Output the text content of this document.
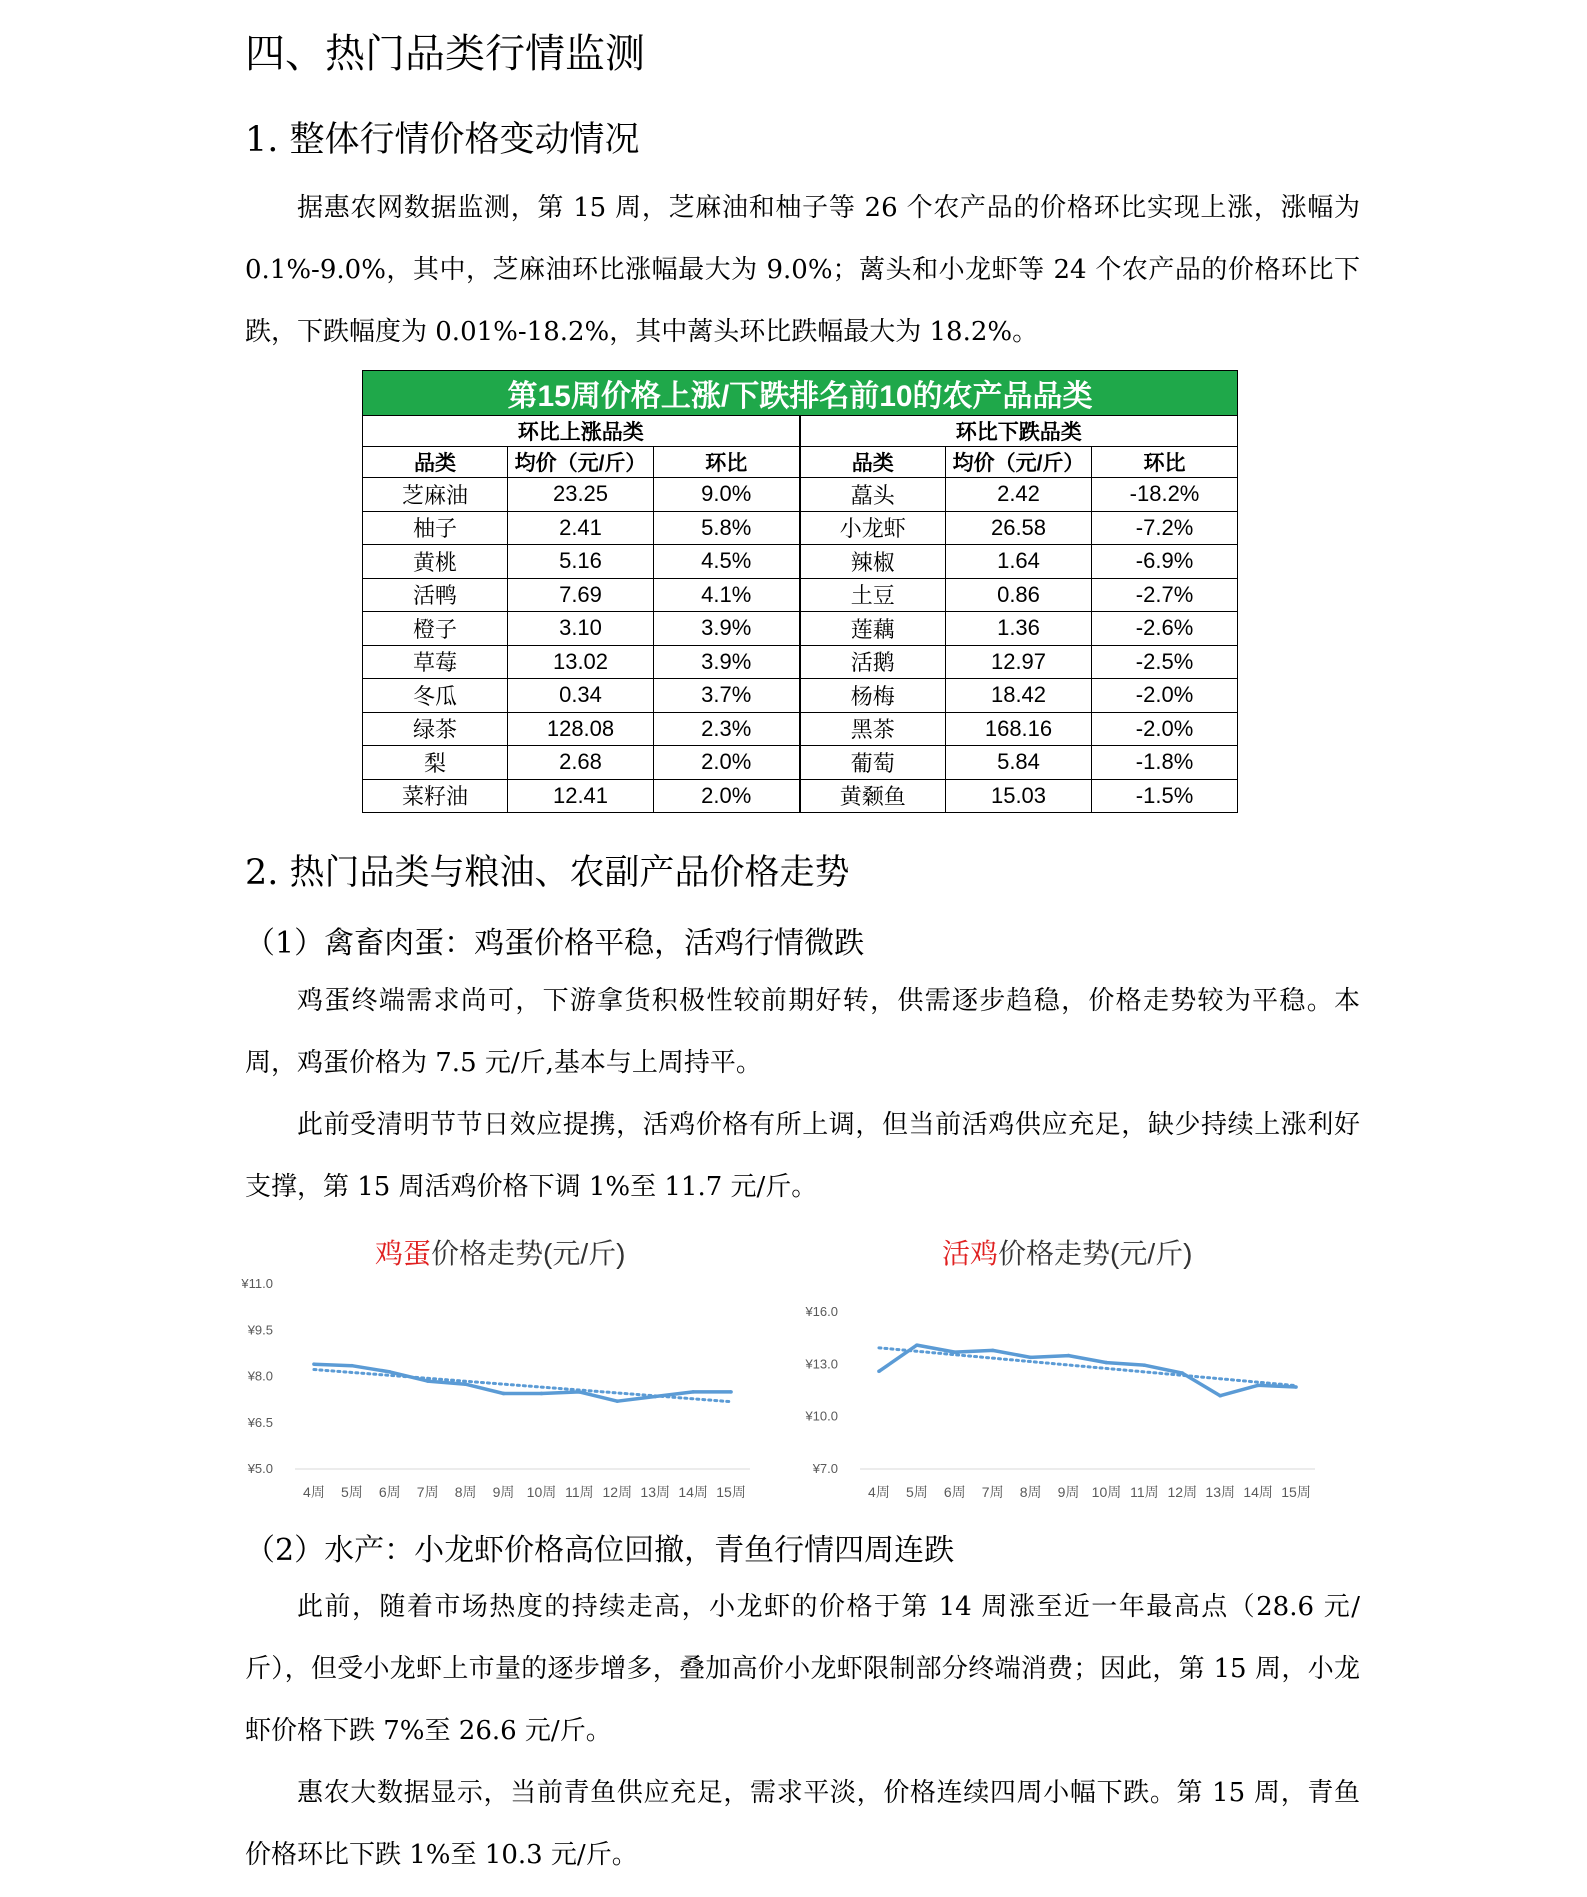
四、热门品类行情监测
1. 整体行情价格变动情况

据惠农网数据监测，第 15 周，芝麻油和柚子等 26 个农产品的价格环比实现上涨，涨幅为 0.1%-9.0%，其中，芝麻油环比涨幅最大为 9.0%；蓠头和小龙虾等 24 个农产品的价格环比下跌，下跌幅度为 0.01%-18.2%，其中蓠头环比跌幅最大为 18.2%。

第15周价格上涨/下跌排名前10的农产品品类					
环比上涨品类			环比下跌品类		
品类	均价（元/斤）	环比	品类	均价（元/斤）	环比
芝麻油	23.25	9.0%	藠头	2.42	-18.2%
柚子	2.41	5.8%	小龙虾	26.58	-7.2%
黄桃	5.16	4.5%	辣椒	1.64	-6.9%
活鸭	7.69	4.1%	土豆	0.86	-2.7%
橙子	3.10	3.9%	莲藕	1.36	-2.6%
草莓	13.02	3.9%	活鹅	12.97	-2.5%
冬瓜	0.34	3.7%	杨梅	18.42	-2.0%
绿茶	128.08	2.3%	黑茶	168.16	-2.0%
梨	2.68	2.0%	葡萄	5.84	-1.8%
菜籽油	12.41	2.0%	黄颡鱼	15.03	-1.5%
2. 热门品类与粮油、农副产品价格走势
（1）禽畜肉蛋：鸡蛋价格平稳，活鸡行情微跌

鸡蛋终端需求尚可，下游拿货积极性较前期好转，供需逐步趋稳，价格走势较为平稳。本周，鸡蛋价格为 7.5 元/斤,基本与上周持平。

此前受清明节节日效应提携，活鸡价格有所上调，但当前活鸡供应充足，缺少持续上涨利好支撑，第 15 周活鸡价格下调 1%至 11.7 元/斤。

鸡蛋价格走势(元/斤)
¥11.0
¥9.5
¥8.0
¥6.5
¥5.0
4周 5周 6周 7周 8周 9周 10周 11周 12周 13周 14周 15周
活鸡价格走势(元/斤)
¥16.0
¥13.0
¥10.0
¥7.0
4周 5周 6周 7周 8周 9周 10周 11周 12周 13周 14周 15周
（2）水产：小龙虾价格高位回撤，青鱼行情四周连跌

此前，随着市场热度的持续走高，小龙虾的价格于第 14 周涨至近一年最高点（28.6 元/斤），但受小龙虾上市量的逐步增多，叠加高价小龙虾限制部分终端消费；因此，第 15 周，小龙虾价格下跌 7%至 26.6 元/斤。

惠农大数据显示，当前青鱼供应充足，需求平淡，价格连续四周小幅下跌。第 15 周，青鱼价格环比下跌 1%至 10.3 元/斤。
